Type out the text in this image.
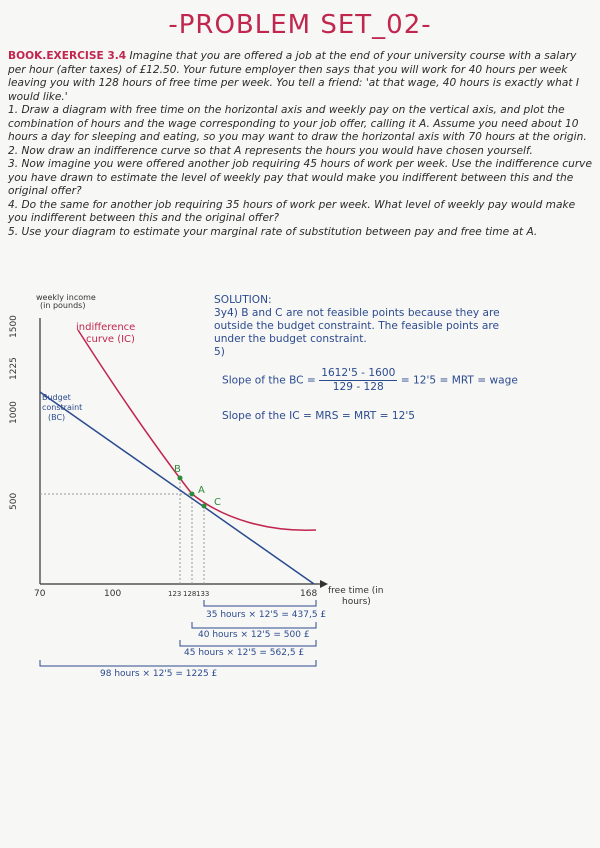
-PROBLEM SET_02-

BOOK.EXERCISE 3.4 Imagine that you are offered a job at the end of your university course with a salary per hour (after taxes) of £12.50. Your future employer then says that you will work for 40 hours per week leaving you with 128 hours of free time per week. You tell a friend: 'at that wage, 40 hours is exactly what I would like.'

1. Draw a diagram with free time on the horizontal axis and weekly pay on the vertical axis, and plot the combination of hours and the wage corresponding to your job offer, calling it A. Assume you need about 10 hours a day for sleeping and eating, so you may want to draw the horizontal axis with 70 hours at the origin.

2. Now draw an indifference curve so that A represents the hours you would have chosen yourself.

3. Now imagine you were offered another job requiring 45 hours of work per week. Use the indifference curve you have drawn to estimate the level of weekly pay that would make you indifferent between this and the original offer?

4. Do the same for another job requiring 35 hours of work per week. What level of weekly pay would make you indifferent between this and the original offer?

5. Use your diagram to estimate your marginal rate of substitution between pay and free time at A.

SOLUTION:
3y4) B and C are not feasible points because they are
outside the budget constraint. The feasible points are
under the budget constraint.
5)
Slope of the BC = $\frac{1612'5 - 1600}{129 - 128} = 12'5$ = MRT = wage
Slope of the IC = MRS = MRT = 12'5
weekly income
(in pounds)
free time (in
hours)
1500
1225
1000
500
70	100	123 128 133	168
B
A
C
indifference
curve (IC)
Budget
constraint
(BC)
35 hours × 12'5 = 437,5 £
40 hours × 12'5 = 500 £
45 hours × 12'5 = 562,5 £
98 hours × 12'5 = 1225 £
